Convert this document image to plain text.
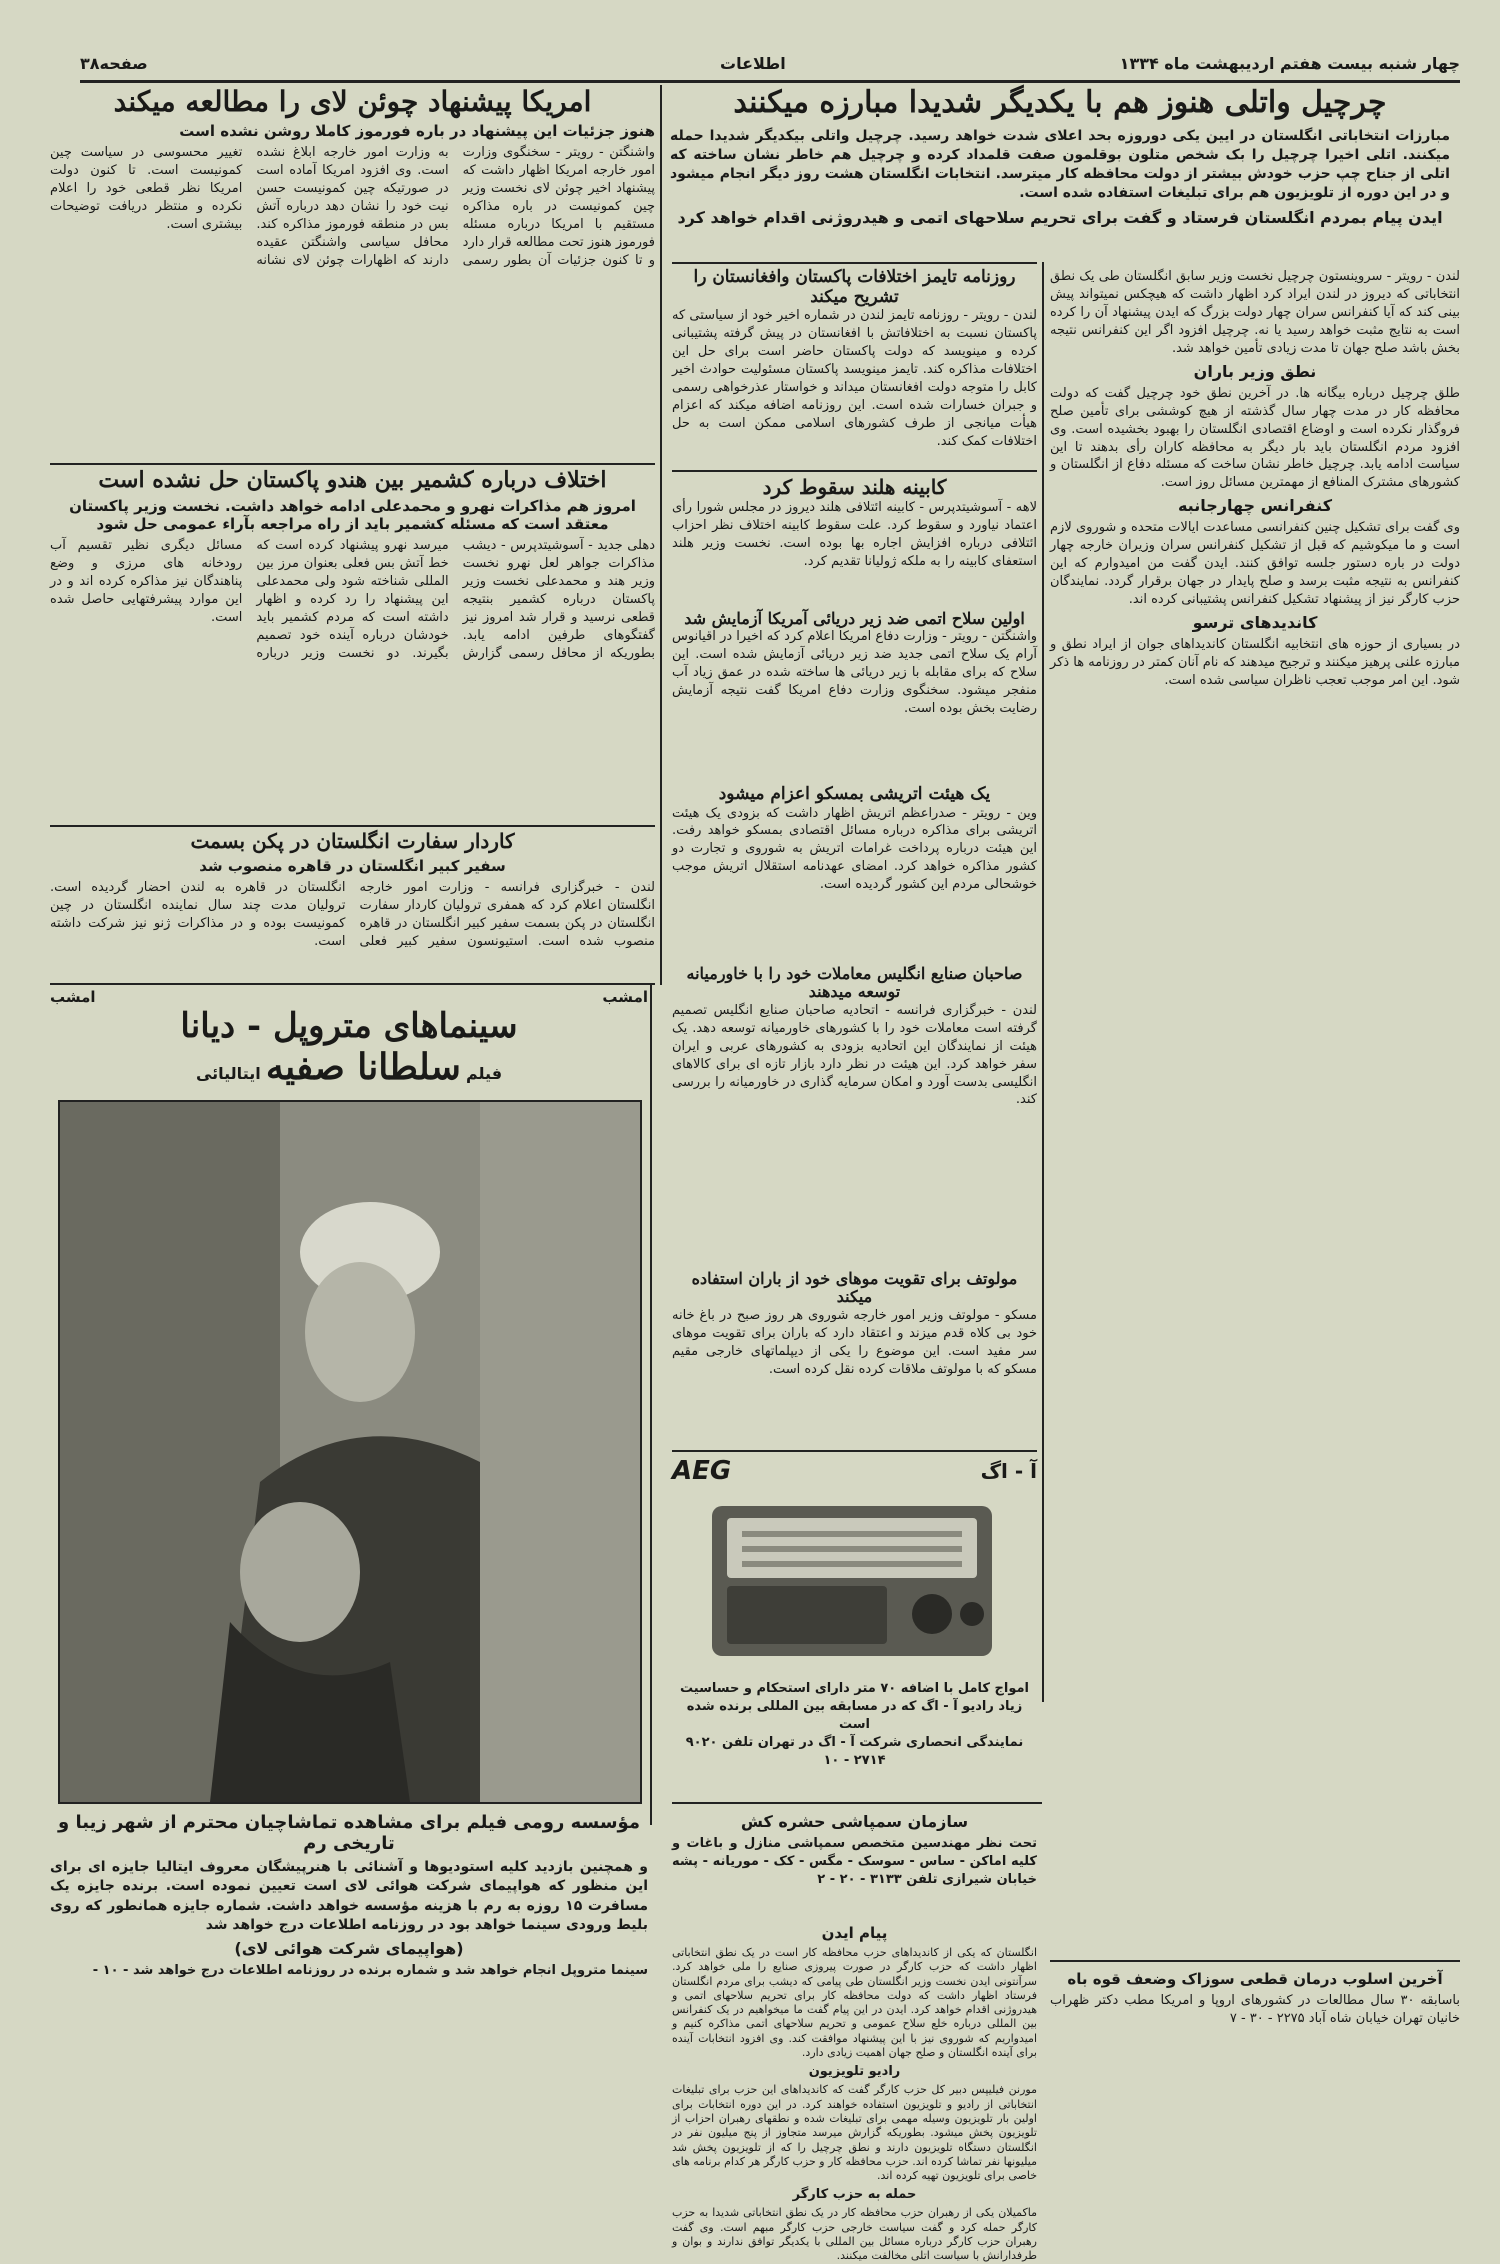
صفحه۳۸	اطلاعات	چهار شنبه بیست هفتم اردیبهشت ماه ۱۳۳۴
چرچیل واتلی هنوز هم با یکدیگر شدیدا مبارزه میکنند

مبارزات انتخاباتی انگلستان در ایین یکی دوروزه بحد اعلای شدت خواهد رسید. چرچیل واتلی بیکدیگر شدیدا حمله میکنند. اتلی اخیرا چرچیل را بک شخص متلون بوقلمون صفت قلمداد کرده و چرچیل هم خاطر نشان ساخته که اتلی از جناح چپ حزب خودش بیشتر از دولت محافظه کار میترسد. انتخابات انگلستان هشت روز دیگر انجام میشود و در این دوره از تلویزیون هم برای تبلیغات استفاده شده است.

ایدن پیام بمردم انگلستان فرستاد و گفت برای تحریم سلاحهای اتمی و هیدروژنی اقدام خواهد کرد

لندن - رویتر - سروینستون چرچیل نخست وزیر سابق انگلستان طی یک نطق انتخاباتی که دیروز در لندن ایراد کرد اظهار داشت که هیچکس نمیتواند پیش بینی کند که آیا کنفرانس سران چهار دولت بزرگ که ایدن پیشنهاد آن را کرده است به نتایج مثبت خواهد رسید یا نه. چرچیل افزود اگر این کنفرانس نتیجه بخش باشد صلح جهان تا مدت زیادی تأمین خواهد شد.

نطق وزیر باران

طلق چرچیل درباره بیگانه ها. در آخرین نطق خود چرچیل گفت که دولت محافظه کار در مدت چهار سال گذشته از هیچ کوششی برای تأمین صلح فروگذار نکرده است و اوضاع اقتصادی انگلستان را بهبود بخشیده است. وی افزود مردم انگلستان باید بار دیگر به محافظه کاران رأی بدهند تا این سیاست ادامه یابد. چرچیل خاطر نشان ساخت که مسئله دفاع از انگلستان و کشورهای مشترک المنافع از مهمترین مسائل روز است.

کنفرانس چهارجانبه

وی گفت برای تشکیل چنین کنفرانسی مساعدت ایالات متحده و شوروی لازم است و ما میکوشیم که قبل از تشکیل کنفرانس سران وزیران خارجه چهار دولت در باره دستور جلسه توافق کنند. ایدن گفت من امیدوارم که این کنفرانس به نتیجه مثبت برسد و صلح پایدار در جهان برقرار گردد. نمایندگان حزب کارگر نیز از پیشنهاد تشکیل کنفرانس پشتیبانی کرده اند.

کاندیدهای ترسو

در بسیاری از حوزه های انتخابیه انگلستان کاندیداهای جوان از ایراد نطق و مبارزه علنی پرهیز میکنند و ترجیح میدهند که نام آنان کمتر در روزنامه ها ذکر شود. این امر موجب تعجب ناظران سیاسی شده است.

آخرین اسلوب درمان قطعی سوزاک وضعف قوه باه

باسابقه ۳۰ سال مطالعات در کشورهای اروپا و امریکا مطب دکتر ظهراب خانیان تهران خیابان شاه آباد ۲۲۷۵ - ۳۰ - ۷

امریکا پیشنهاد چوئن لای را مطالعه میکند
هنوز جزئیات این پیشنهاد در باره فورموز کاملا روشن نشده است

واشنگتن - رویتر - سخنگوی وزارت امور خارجه امریکا اظهار داشت که پیشنهاد اخیر چوئن لای نخست وزیر چین کمونیست در باره مذاکره مستقیم با امریکا درباره مسئله فورموز هنوز تحت مطالعه قرار دارد و تا کنون جزئیات آن بطور رسمی به وزارت امور خارجه ابلاغ نشده است. وی افزود امریکا آماده است در صورتیکه چین کمونیست حسن نیت خود را نشان دهد درباره آتش بس در منطقه فورموز مذاکره کند. محافل سیاسی واشنگتن عقیده دارند که اظهارات چوئن لای نشانه تغییر محسوسی در سیاست چین کمونیست است. تا کنون دولت امریکا نظر قطعی خود را اعلام نکرده و منتظر دریافت توضیحات بیشتری است.

اختلاف درباره کشمیر بین هندو پاکستان حل نشده است
امروز هم مذاکرات نهرو و محمدعلی ادامه خواهد داشت. نخست وزیر پاکستان معتقد است که مسئله کشمیر باید از راه مراجعه بآراء عمومی حل شود

دهلی جدید - آسوشیتدپرس - دیشب مذاکرات جواهر لعل نهرو نخست وزیر هند و محمدعلی نخست وزیر پاکستان درباره کشمیر بنتیجه قطعی نرسید و قرار شد امروز نیز گفتگوهای طرفین ادامه یابد. بطوریکه از محافل رسمی گزارش میرسد نهرو پیشنهاد کرده است که خط آتش بس فعلی بعنوان مرز بین المللی شناخته شود ولی محمدعلی این پیشنهاد را رد کرده و اظهار داشته است که مردم کشمیر باید خودشان درباره آینده خود تصمیم بگیرند. دو نخست وزیر درباره مسائل دیگری نظیر تقسیم آب رودخانه های مرزی و وضع پناهندگان نیز مذاکره کرده اند و در این موارد پیشرفتهایی حاصل شده است.

کاردار سفارت انگلستان در پکن بسمت
سفیر کبیر انگلستان در قاهره منصوب شد

لندن - خبرگزاری فرانسه - وزارت امور خارجه انگلستان اعلام کرد که همفری ترولیان کاردار سفارت انگلستان در پکن بسمت سفیر کبیر انگلستان در قاهره منصوب شده است. استیونسون سفیر کبیر فعلی انگلستان در قاهره به لندن احضار گردیده است. ترولیان مدت چند سال نماینده انگلستان در چین کمونیست بوده و در مذاکرات ژنو نیز شرکت داشته است.

امشب
امشب
سینماهای متروپل - دیانا
فیلم سلطانا صفیه ایتالیائی
مؤسسه رومی فیلم برای مشاهده تماشاچیان محترم از شهر زیبا و تاریخی رم

و همچنین بازدید کلیه استودیوها و آشنائی با هنرپیشگان معروف ایتالیا جایزه ای برای این منظور که هواپیمای شرکت هوائی لای است تعیین نموده است. برنده جایزه یک مسافرت ۱۵ روزه به رم با هزینه مؤسسه خواهد داشت. شماره جایزه همانطور که روی بلیط ورودی سینما خواهد بود در روزنامه اطلاعات درج خواهد شد

(هواپیمای شرکت هوائی لای)

سینما متروپل انجام خواهد شد و شماره برنده در روزنامه اطلاعات درج خواهد شد - ۱۰ -

روزنامه تایمز اختلافات پاکستان وافغانستان را تشریح میکند

لندن - رویتر - روزنامه تایمز لندن در شماره اخیر خود از سیاستی که پاکستان نسبت به اختلافاتش با افغانستان در پیش گرفته پشتیبانی کرده و مینویسد که دولت پاکستان حاضر است برای حل این اختلافات مذاکره کند. تایمز مینویسد پاکستان مسئولیت حوادث اخیر کابل را متوجه دولت افغانستان میداند و خواستار عذرخواهی رسمی و جبران خسارات شده است. این روزنامه اضافه میکند که اعزام هیأت میانجی از طرف کشورهای اسلامی ممکن است به حل اختلافات کمک کند.

کابینه هلند سقوط کرد

لاهه - آسوشیتدپرس - کابینه ائتلافی هلند دیروز در مجلس شورا رأی اعتماد نیاورد و سقوط کرد. علت سقوط کابینه اختلاف نظر احزاب ائتلافی درباره افزایش اجاره بها بوده است. نخست وزیر هلند استعفای کابینه را به ملکه ژولیانا تقدیم کرد.

اولین سلاح اتمی ضد زیر دریائی آمریکا آزمایش شد

واشنگتن - رویتر - وزارت دفاع امریکا اعلام کرد که اخیرا در اقیانوس آرام یک سلاح اتمی جدید ضد زیر دریائی آزمایش شده است. این سلاح که برای مقابله با زیر دریائی ها ساخته شده در عمق زیاد آب منفجر میشود. سخنگوی وزارت دفاع امریکا گفت نتیجه آزمایش رضایت بخش بوده است.

یک هیئت اتریشی بمسکو اعزام میشود

وین - رویتر - صدراعظم اتریش اظهار داشت که بزودی یک هیئت اتریشی برای مذاکره درباره مسائل اقتصادی بمسکو خواهد رفت. این هیئت درباره پرداخت غرامات اتریش به شوروی و تجارت دو کشور مذاکره خواهد کرد. امضای عهدنامه استقلال اتریش موجب خوشحالی مردم این کشور گردیده است.

صاحبان صنایع انگلیس معاملات خود را با خاورمیانه توسعه میدهند

لندن - خبرگزاری فرانسه - اتحادیه صاحبان صنایع انگلیس تصمیم گرفته است معاملات خود را با کشورهای خاورمیانه توسعه دهد. یک هیئت از نمایندگان این اتحادیه بزودی به کشورهای عربی و ایران سفر خواهد کرد. این هیئت در نظر دارد بازار تازه ای برای کالاهای انگلیسی بدست آورد و امکان سرمایه گذاری در خاورمیانه را بررسی کند.

مولوتف برای تقویت موهای خود از باران استفاده میکند

مسکو - مولوتف وزیر امور خارجه شوروی هر روز صبح در باغ خانه خود بی کلاه قدم میزند و اعتقاد دارد که باران برای تقویت موهای سر مفید است. این موضوع را یکی از دیپلماتهای خارجی مقیم مسکو که با مولوتف ملاقات کرده نقل کرده است.

AEG	آ - اگ

امواج کامل با اضافه ۷۰ متر دارای استحکام و حساسیت زیاد رادیو آ - اگ که در مسابقه بین المللی برنده شده است

نمایندگی انحصاری شرکت آ - اگ در تهران تلفن ۹۰۲۰

۲۷۱۴ - ۱۰

سازمان سمپاشی حشره کش

تحت نظر مهندسین متخصص سمپاشی منازل و باغات و کلیه اماکن - ساس - سوسک - مگس - کک - موریانه - پشه خیابان شیرازی تلفن ۳۱۳۳ - ۲۰ - ۲

پیام ایدن

انگلستان که یکی از کاندیداهای حزب محافظه کار است در یک نطق انتخاباتی اظهار داشت که حزب کارگر در صورت پیروزی صنایع را ملی خواهد کرد. سرآنتونی ایدن نخست وزیر انگلستان طی پیامی که دیشب برای مردم انگلستان فرستاد اظهار داشت که دولت محافظه کار برای تحریم سلاحهای اتمی و هیدروژنی اقدام خواهد کرد. ایدن در این پیام گفت ما میخواهیم در یک کنفرانس بین المللی درباره خلع سلاح عمومی و تحریم سلاحهای اتمی مذاکره کنیم و امیدواریم که شوروی نیز با این پیشنهاد موافقت کند. وی افزود انتخابات آینده برای آینده انگلستان و صلح جهان اهمیت زیادی دارد.

رادیو تلویزیون

مورنن فیلیپس دبیر کل حزب کارگر گفت که کاندیداهای این حزب برای تبلیغات انتخاباتی از رادیو و تلویزیون استفاده خواهند کرد. در این دوره انتخابات برای اولین بار تلویزیون وسیله مهمی برای تبلیغات شده و نطقهای رهبران احزاب از تلویزیون پخش میشود. بطوریکه گزارش میرسد متجاوز از پنج میلیون نفر در انگلستان دستگاه تلویزیون دارند و نطق چرچیل را که از تلویزیون پخش شد میلیونها نفر تماشا کرده اند. حزب محافظه کار و حزب کارگر هر کدام برنامه های خاصی برای تلویزیون تهیه کرده اند.

حمله به حزب کارگر

ماکمیلان یکی از رهبران حزب محافظه کار در یک نطق انتخاباتی شدیدا به حزب کارگر حمله کرد و گفت سیاست خارجی حزب کارگر مبهم است. وی گفت رهبران حزب کارگر درباره مسائل بین المللی با یکدیگر توافق ندارند و بوان و طرفدارانش با سیاست اتلی مخالفت میکنند.
